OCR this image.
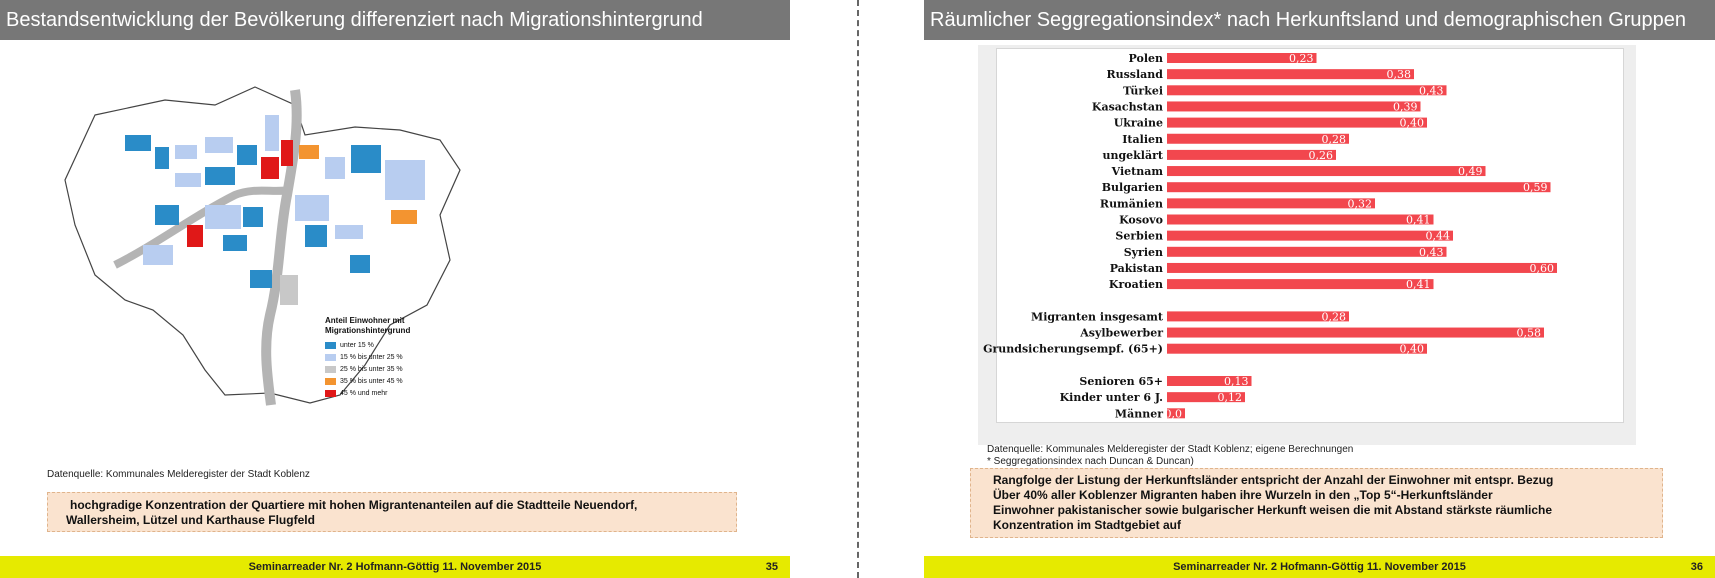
Bestandsentwicklung der Bevölkerung differenziert nach Migrationshintergrund
Anteil Einwohner mit
Migrationshintergrund
unter 15 %
15 % bis unter 25 %
25 % bis unter 35 %
35 % bis unter 45 %
45 % und mehr
Datenquelle: Kommunales Melderegister der Stadt Koblenz
hochgradige Konzentration der Quartiere mit hohen Migrantenanteilen auf die Stadtteile Neuendorf,
Wallersheim, Lützel und Karthause Flugfeld
Seminarreader Nr. 2 Hofmann-Göttig 11. November 2015	35
Räumlicher Seggregationsindex* nach Herkunftsland und demographischen Gruppen
Polen	0,23
Russland	0,38
Türkei	0,43
Kasachstan	0,39
Ukraine	0,40
Italien	0,28
ungeklärt	0,26
Vietnam	0,49
Bulgarien	0,59
Rumänien	0,32
Kosovo	0,41
Serbien	0,44
Syrien	0,43
Pakistan	0,60
Kroatien	0,41
Migranten insgesamt	0,28
Asylbewerber	0,58
Grundsicherungsempf. (65+)	0,40
Senioren 65+	0,13
Kinder unter 6 J.	0,12
Männer 0,0
Datenquelle: Kommunales Melderegister der Stadt Koblenz; eigene Berechnungen
* Seggregationsindex nach Duncan & Duncan)
Rangfolge der Listung der Herkunftsländer entspricht der Anzahl der Einwohner mit entspr. Bezug
Über 40% aller Koblenzer Migranten haben ihre Wurzeln in den „Top 5“-Herkunftsländer
Einwohner pakistanischer sowie bulgarischer Herkunft weisen die mit Abstand stärkste räumliche
Konzentration im Stadtgebiet auf
Seminarreader Nr. 2 Hofmann-Göttig 11. November 2015	36
